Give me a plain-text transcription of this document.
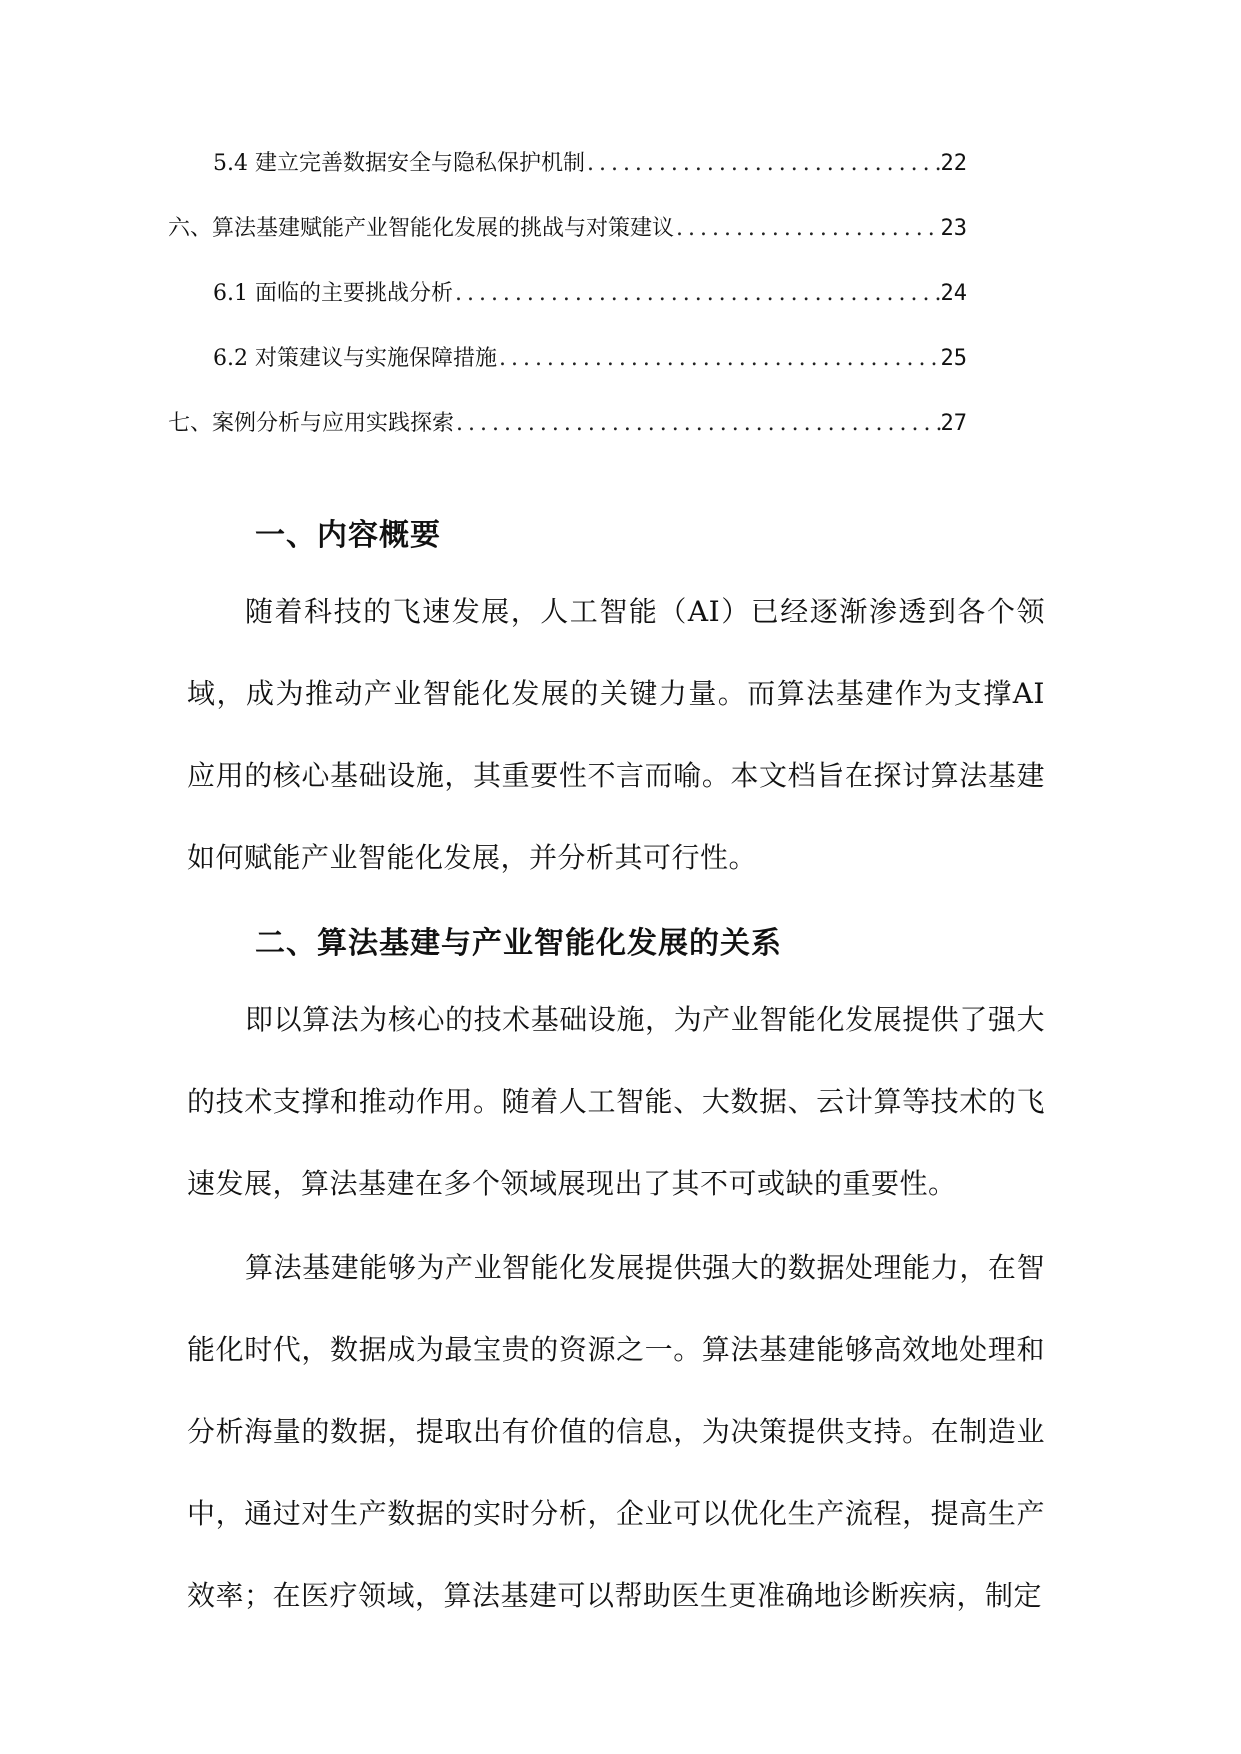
5.4 建立完善数据安全与隐私保护机制 . . .	22
六、算法基建赋能产业智能化发展的挑战与对策建议 . . .	23
6.1 面临的主要挑战分析 . . .	24
6.2 对策建议与实施保障措施 . . .	25
七、案例分析与应用实践探索 . . .	27
一、内容概要
随着科技的飞速发展，人工智能（AI）已经逐渐渗透到各个领域，成为推动产业智能化发展的关键力量。而算法基建作为支撑AI应用的核心基础设施，其重要性不言而喻。本文档旨在探讨算法基建如何赋能产业智能化发展，并分析其可行性。
二、算法基建与产业智能化发展的关系
即以算法为核心的技术基础设施，为产业智能化发展提供了强大的技术支撑和推动作用。随着人工智能、大数据、云计算等技术的飞速发展，算法基建在多个领域展现出了其不可或缺的重要性。
算法基建能够为产业智能化发展提供强大的数据处理能力，在智能化时代，数据成为最宝贵的资源之一。算法基建能够高效地处理和分析海量的数据，提取出有价值的信息，为决策提供支持。在制造业中，通过对生产数据的实时分析，企业可以优化生产流程，提高生产效率；在医疗领域，算法基建可以帮助医生更准确地诊断疾病，制定
